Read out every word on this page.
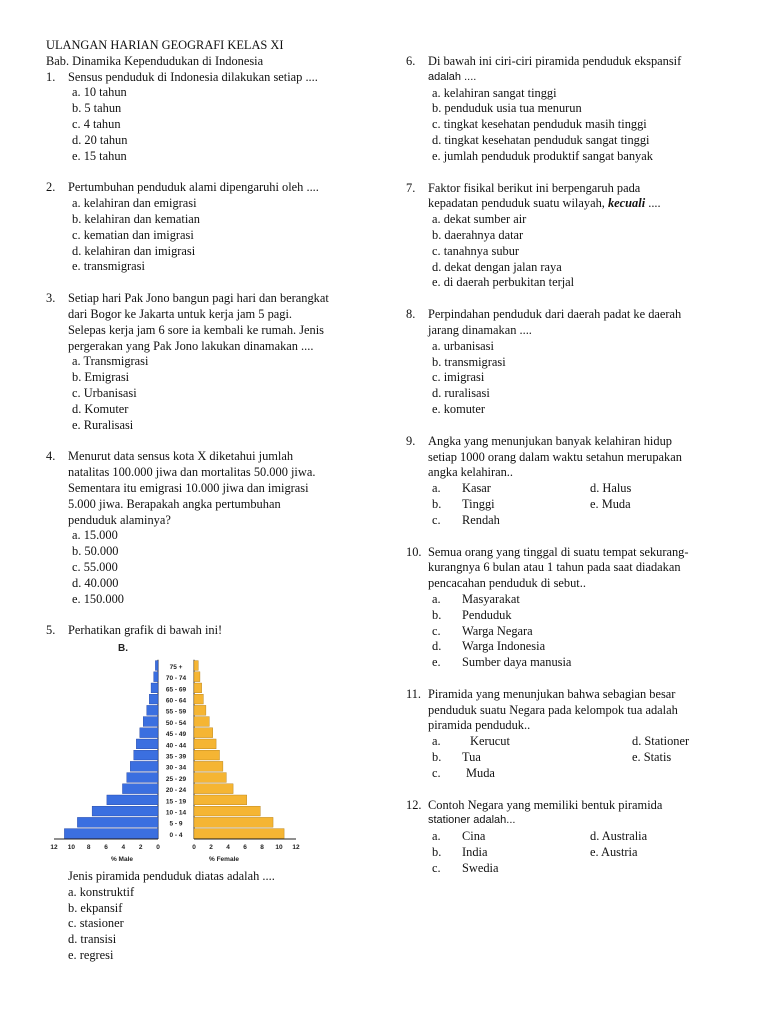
ULANGAN HARIAN GEOGRAFI KELAS XI
Bab. Dinamika Kependudukan di Indonesia
1.	Sensus penduduk di Indonesia dilakukan setiap ....
a. 10 tahun
b. 5 tahun
c. 4 tahun
d. 20 tahun
e. 15 tahun
2.	Pertumbuhan penduduk alami dipengaruhi oleh ....
a. kelahiran dan emigrasi
b. kelahiran dan kematian
c. kematian dan imigrasi
d. kelahiran dan imigrasi
e. transmigrasi
3.	Setiap hari Pak Jono bangun pagi hari dan berangkat
dari Bogor ke Jakarta untuk kerja jam 5 pagi.
Selepas kerja jam 6 sore ia kembali ke rumah. Jenis
pergerakan yang Pak Jono lakukan dinamakan ....
a. Transmigrasi
b. Emigrasi
c. Urbanisasi
d. Komuter
e. Ruralisasi
4.	Menurut data sensus kota X diketahui jumlah
natalitas 100.000 jiwa dan mortalitas 50.000 jiwa.
Sementara itu emigrasi 10.000 jiwa dan imigrasi
5.000 jiwa. Berapakah angka pertumbuhan
penduduk alaminya?
a. 15.000
b. 50.000
c. 55.000
d. 40.000
e. 150.000
5.	Perhatikan grafik di bawah ini!
B.
0 - 4
5 - 9
10 - 14
15 - 19
20 - 24
25 - 29
30 - 34
35 - 39
40 - 44
45 - 49
50 - 54
55 - 59
60 - 64
65 - 69
70 - 74
75 +
12 10 8 6 4 2 0	0 2 4 6 8 10 12
% Male	% Female
Jenis piramida penduduk diatas adalah ....
a. konstruktif
b. ekpansif
c. stasioner
d. transisi
e. regresi
6.	Di bawah ini ciri-ciri piramida penduduk ekspansif
adalah ....
a. kelahiran sangat tinggi
b. penduduk usia tua menurun
c. tingkat kesehatan penduduk masih tinggi
d. tingkat kesehatan penduduk sangat tinggi
e. jumlah penduduk produktif sangat banyak
7.	Faktor fisikal berikut ini berpengaruh pada
kepadatan penduduk suatu wilayah, kecuali ....
a. dekat sumber air
b. daerahnya datar
c. tanahnya subur
d. dekat dengan jalan raya
e. di daerah perbukitan terjal
8.	Perpindahan penduduk dari daerah padat ke daerah
jarang dinamakan ....
a. urbanisasi
b. transmigrasi
c. imigrasi
d. ruralisasi
e. komuter
9.	Angka yang menunjukan banyak kelahiran hidup
setiap 1000 orang dalam waktu setahun merupakan
angka kelahiran..
a.	Kasar	d. Halus
b.	Tinggi	e. Muda
c.	Rendah
10. Semua orang yang tinggal di suatu tempat sekurang-
kurangnya 6 bulan atau 1 tahun pada saat diadakan
pencacahan penduduk di sebut..
a.	Masyarakat
b.	Penduduk
c.	Warga Negara
d.	Warga Indonesia
e.	Sumber daya manusia
11. Piramida yang menunjukan bahwa sebagian besar
penduduk suatu Negara pada kelompok tua adalah
piramida penduduk..
a.	Kerucut	d. Stationer
b.	Tua	e. Statis
c.	Muda
12. Contoh Negara yang memiliki bentuk piramida
stationer adalah...
a.	Cina	d. Australia
b.	India	e. Austria
c.	Swedia
